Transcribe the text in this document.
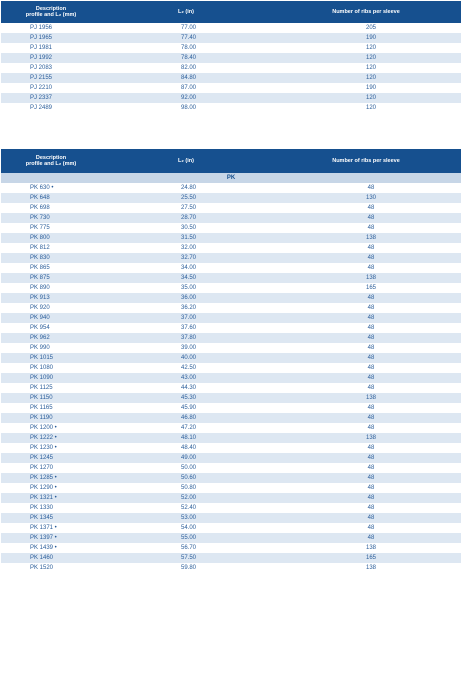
Description
profile and L₂ (mm)	L₂ (in)	Number of ribs per sleeve
PJ 1956	77.00	205
PJ 1965	77.40	190
PJ 1981	78.00	120
PJ 1992	78.40	120
PJ 2083	82.00	120
PJ 2155	84.80	120
PJ 2210	87.00	190
PJ 2337	92.00	120
PJ 2489	98.00	120
Description
profile and L₂ (mm)	L₂ (in)	Number of ribs per sleeve
PK
PK 630 •	24.80	48
PK 648	25.50	130
PK 698	27.50	48
PK 730	28.70	48
PK 775	30.50	48
PK 800	31.50	138
PK 812	32.00	48
PK 830	32.70	48
PK 865	34.00	48
PK 875	34.50	138
PK 890	35.00	165
PK 913	36.00	48
PK 920	36.20	48
PK 940	37.00	48
PK 954	37.60	48
PK 962	37.80	48
PK 990	39.00	48
PK 1015	40.00	48
PK 1080	42.50	48
PK 1090	43.00	48
PK 1125	44.30	48
PK 1150	45.30	138
PK 1165	45.90	48
PK 1190	46.80	48
PK 1200 •	47.20	48
PK 1222 •	48.10	138
PK 1230 •	48.40	48
PK 1245	49.00	48
PK 1270	50.00	48
PK 1285 •	50.60	48
PK 1290 •	50.80	48
PK 1321 •	52.00	48
PK 1330	52.40	48
PK 1345	53.00	48
PK 1371 •	54.00	48
PK 1397 •	55.00	48
PK 1439 •	56.70	138
PK 1460	57.50	165
PK 1520	59.80	138
